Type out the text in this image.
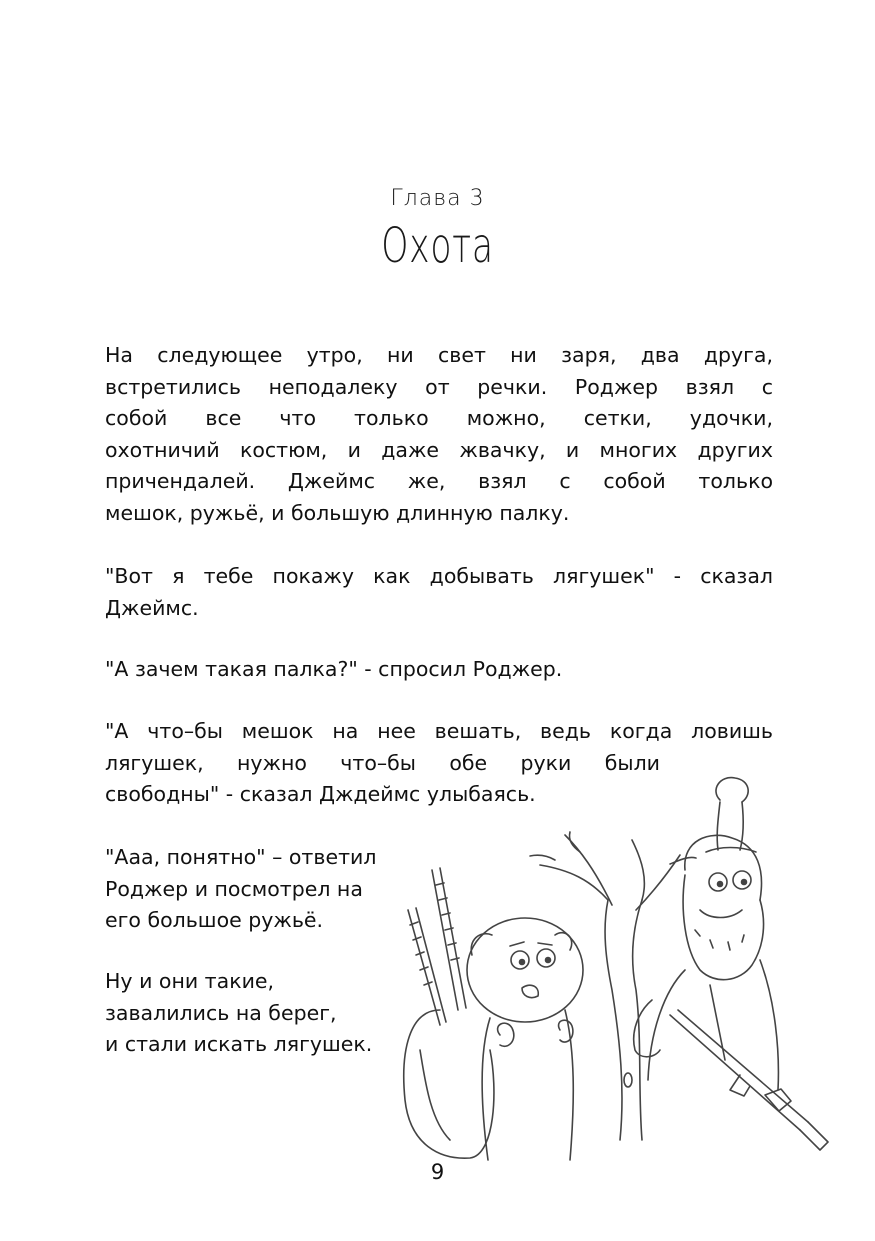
Глава 3
Охота
На следующее утро, ни свет ни заря, два друга,
встретились неподалеку от речки. Роджер взял с
собой все что только можно, сетки, удочки,
охотничий костюм, и даже жвачку, и многих других
причендалей. Джеймс же, взял с собой только
мешок, ружьё, и большую длинную палку.
"Вот я тебе покажу как добывать лягушек" - сказал
Джеймс.
"А зачем такая палка?" - спросил Роджер.
"А что–бы мешок на нее вешать, ведь когда ловишь
лягушек, нужно что–бы обе руки были
свободны" - сказал Дждеймс улыбаясь.
"Ааа, понятно" – ответил
Роджер и посмотрел на
его большое ружьё.
Ну и они такие,
завалились на берег,
и стали искать лягушек.
9
